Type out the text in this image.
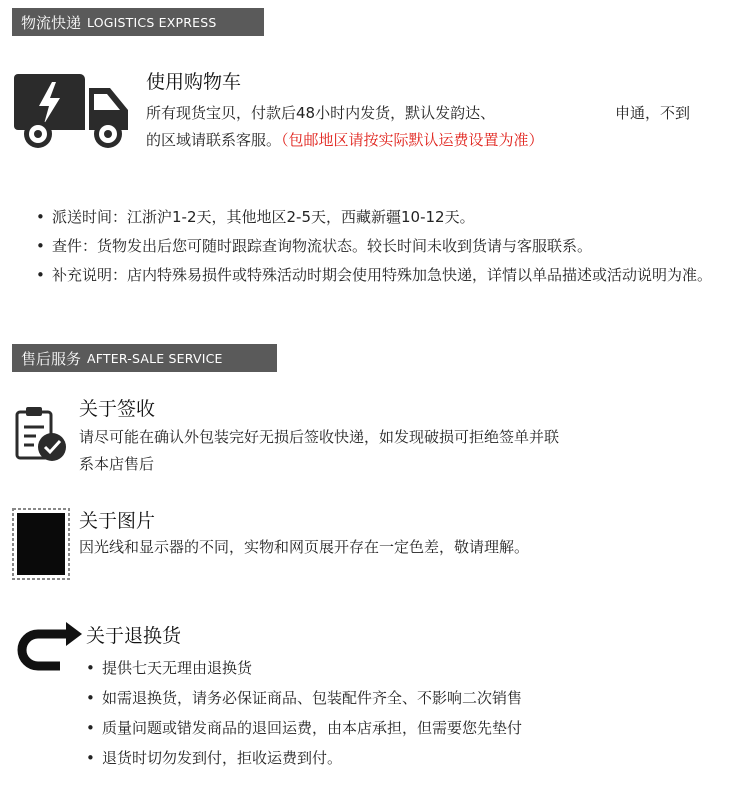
物流快递 LOGISTICS EXPRESS
使用购物车
所有现货宝贝，付款后48小时内发货，默认发韵达、	申通，不到
的区域请联系客服。（包邮地区请按实际默认运费设置为准）
• 派送时间：江浙沪1-2天，其他地区2-5天，西藏新疆10-12天。
• 查件：货物发出后您可随时跟踪查询物流状态。较长时间未收到货请与客服联系。
• 补充说明：店内特殊易损件或特殊活动时期会使用特殊加急快递，详情以单品描述或活动说明为准。
售后服务 AFTER-SALE SERVICE
关于签收
请尽可能在确认外包装完好无损后签收快递，如发现破损可拒绝签单并联
系本店售后
关于图片
因光线和显示器的不同，实物和网页展开存在一定色差，敬请理解。
关于退换货
• 提供七天无理由退换货
• 如需退换货，请务必保证商品、包装配件齐全、不影响二次销售
• 质量问题或错发商品的退回运费，由本店承担，但需要您先垫付
• 退货时切勿发到付，拒收运费到付。
